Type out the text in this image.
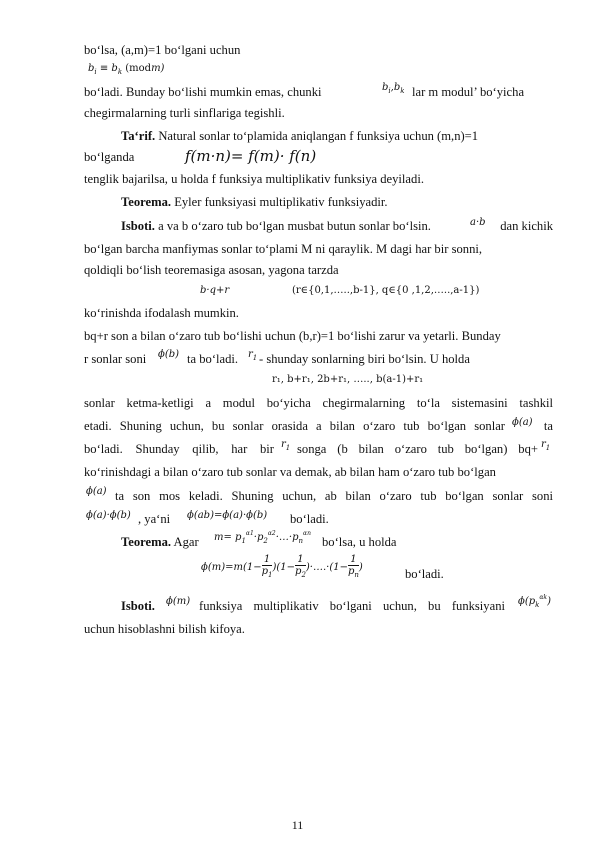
bo‘lsa, (a,m)=1 bo‘lgani uchun
$b_i \equiv b_k$ (modm)
bo‘ladi. Bunday bo‘lishi mumkin emas, chunki	$b_i,b_k$ lar m modul’ bo‘yicha
chegirmalarning turli sinflariga tegishli.
Ta‘rif. Natural sonlar to‘plamida aniqlangan f funksiya uchun (m,n)=1
bo‘lganda	f(m·n)= f(m)· f(n)
tenglik bajarilsa, u holda f funksiya multiplikativ funksiya deyiladi.
Teorema. Eyler funksiyasi multiplikativ funksiyadir.
Isboti. a va b o‘zaro tub bo‘lgan musbat butun sonlar bo‘lsin.	a·b	dan kichik
bo‘lgan barcha manfiymas sonlar to‘plami M ni qaraylik. M dagi har bir sonni,
qoldiqli bo‘lish teoremasiga asosan, yagona tarzda
b·q+r	(r∈{0,1,…..,b-1}, q∈{0 ,1,2,…..,a-1})
ko‘rinishda ifodalash mumkin.
bq+r son a bilan o‘zaro tub bo‘lishi uchun (b,r)=1 bo‘lishi zarur va yetarli. Bunday
r sonlar soni	ϕ(b) ta bo‘ladi. $r_1$ - shunday sonlarning biri bo‘lsin. U holda
r₁, b+r₁, 2b+r₁, ….., b(a-1)+r₁
sonlar ketma-ketligi a modul bo‘yicha chegirmalarning to‘la sistemasini tashkil
etadi. Shuning uchun, bu sonlar orasida a bilan o‘zaro tub bo‘lgan sonlar ϕ(a) ta
bo‘ladi. Shunday qilib, har bir $r_1$ songa (b bilan o‘zaro tub bo‘lgan) $bq+ r_1$
ko‘rinishdagi a bilan o‘zaro tub sonlar va demak, ab bilan ham o‘zaro tub bo‘lgan
ϕ(a) ta son mos keladi. Shuning uchun, ab bilan o‘zaro tub bo‘lgan sonlar soni
ϕ(a)·ϕ(b) , ya‘ni	ϕ(ab)=ϕ(a)·ϕ(b) bo‘ladi.
Teorema. Agar	$m= p_1^{\alpha 1}\cdot p_2^{\alpha 2}\cdot\dots\cdot p_n^{\alpha n}$
bo‘lsa, u holda
$\phi(m)=m(1- \frac{1}{p_1} )(1- \frac{1}{p_2}$ )·….·(1− $\frac{1}{p_n}$ )	bo‘ladi.
Isboti.	ϕ(m) funksiya multiplikativ bo‘lgani uchun, bu funksiyani $\phi(p_k^{\alpha k})$
uchun hisoblashni bilish kifoya.
11
